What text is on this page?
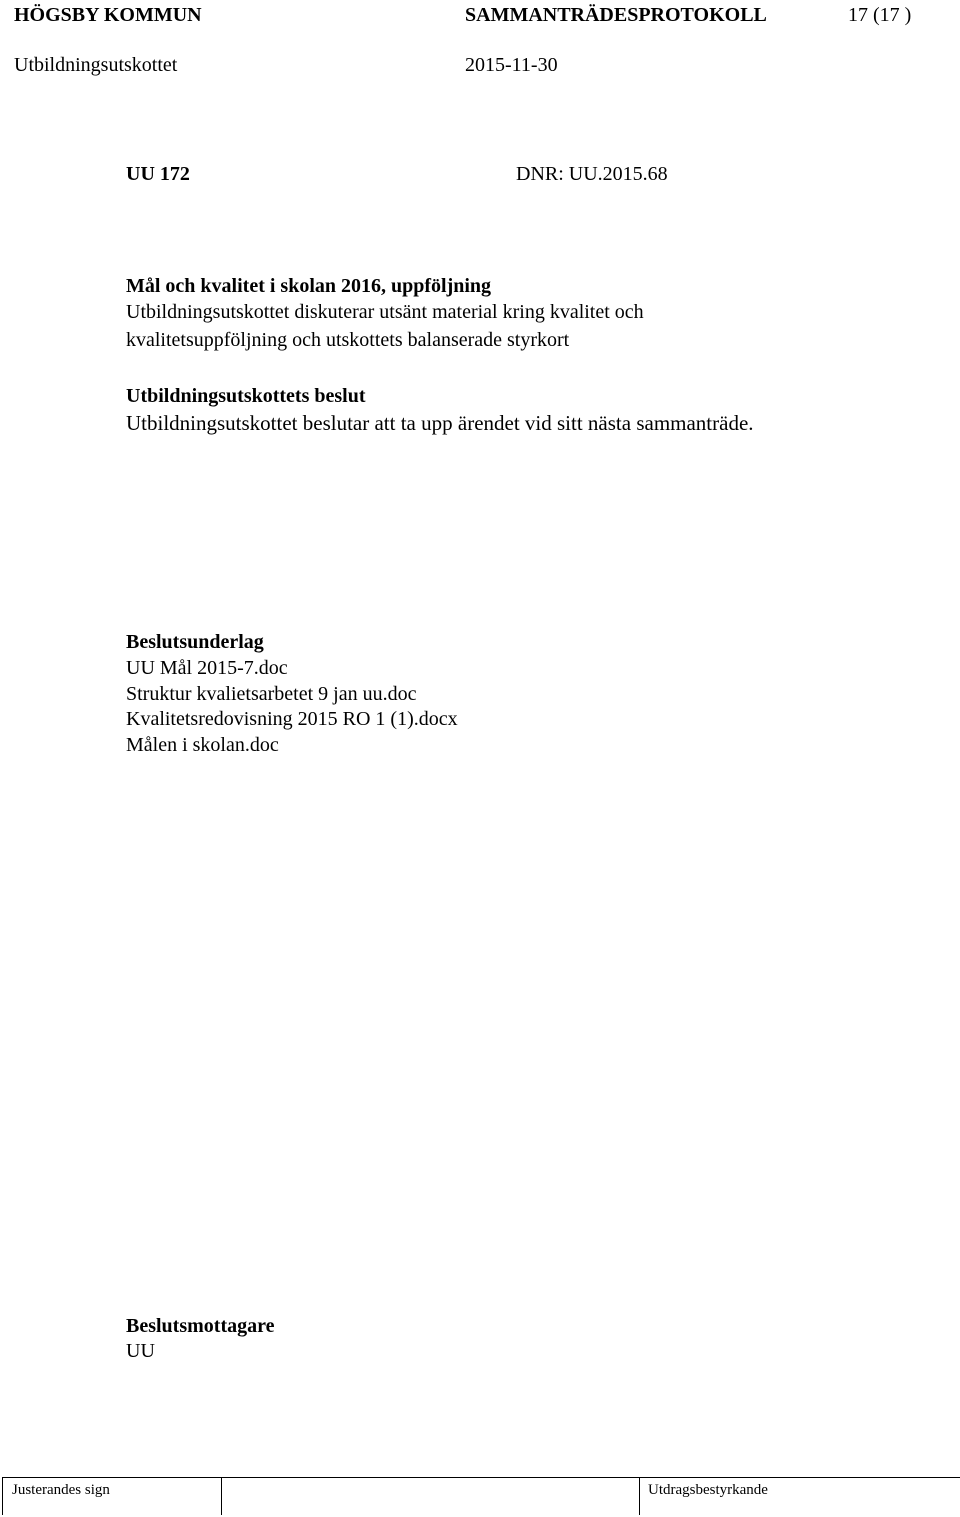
HÖGSBY KOMMUN	SAMMANTRÄDESPROTOKOLL	17 (17 )
Utbildningsutskottet	2015-11-30
UU 172	DNR: UU.2015.68
Mål och kvalitet i skolan 2016, uppföljning
Utbildningsutskottet diskuterar utsänt material kring kvalitet och
kvalitetsuppföljning och utskottets balanserade styrkort
Utbildningsutskottets beslut
Utbildningsutskottet beslutar att ta upp ärendet vid sitt nästa sammanträde.
Beslutsunderlag
UU Mål 2015-7.doc
Struktur kvalietsarbetet 9 jan uu.doc
Kvalitetsredovisning 2015 RO 1 (1).docx
Målen i skolan.doc
Beslutsmottagare
UU
Justerandes sign	Utdragsbestyrkande
